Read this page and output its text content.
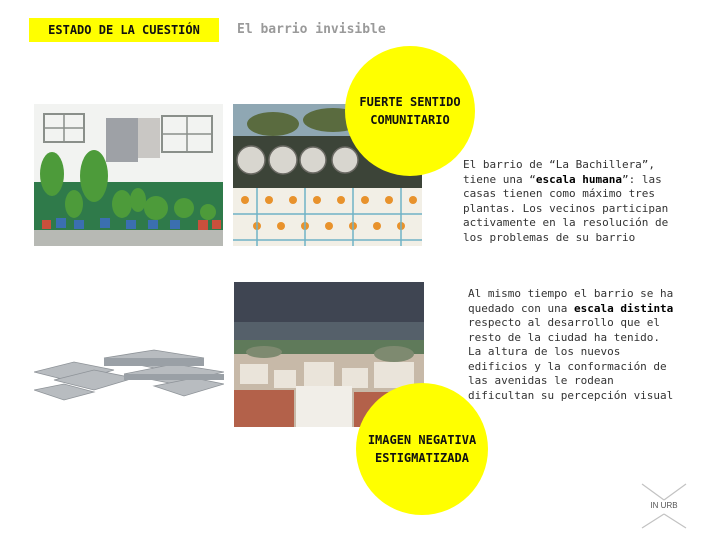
ESTADO DE LA CUESTIÓN	El barrio invisible
FUERTE SENTIDO
COMUNITARIO
IMAGEN NEGATIVA
ESTIGMATIZADA
El barrio de “La Bachillera”,
tiene una “escala humana”: las
casas tienen como máximo tres
plantas. Los vecinos participan
activamente en la resolución de
los problemas de su barrio
Al mismo tiempo el barrio se ha
quedado con una escala distinta
respecto al desarrollo que el
resto de la ciudad ha tenido.
La altura de los nuevos
edificios y la conformación de
las avenidas le rodean
dificultan su percepción visual
IN URB
